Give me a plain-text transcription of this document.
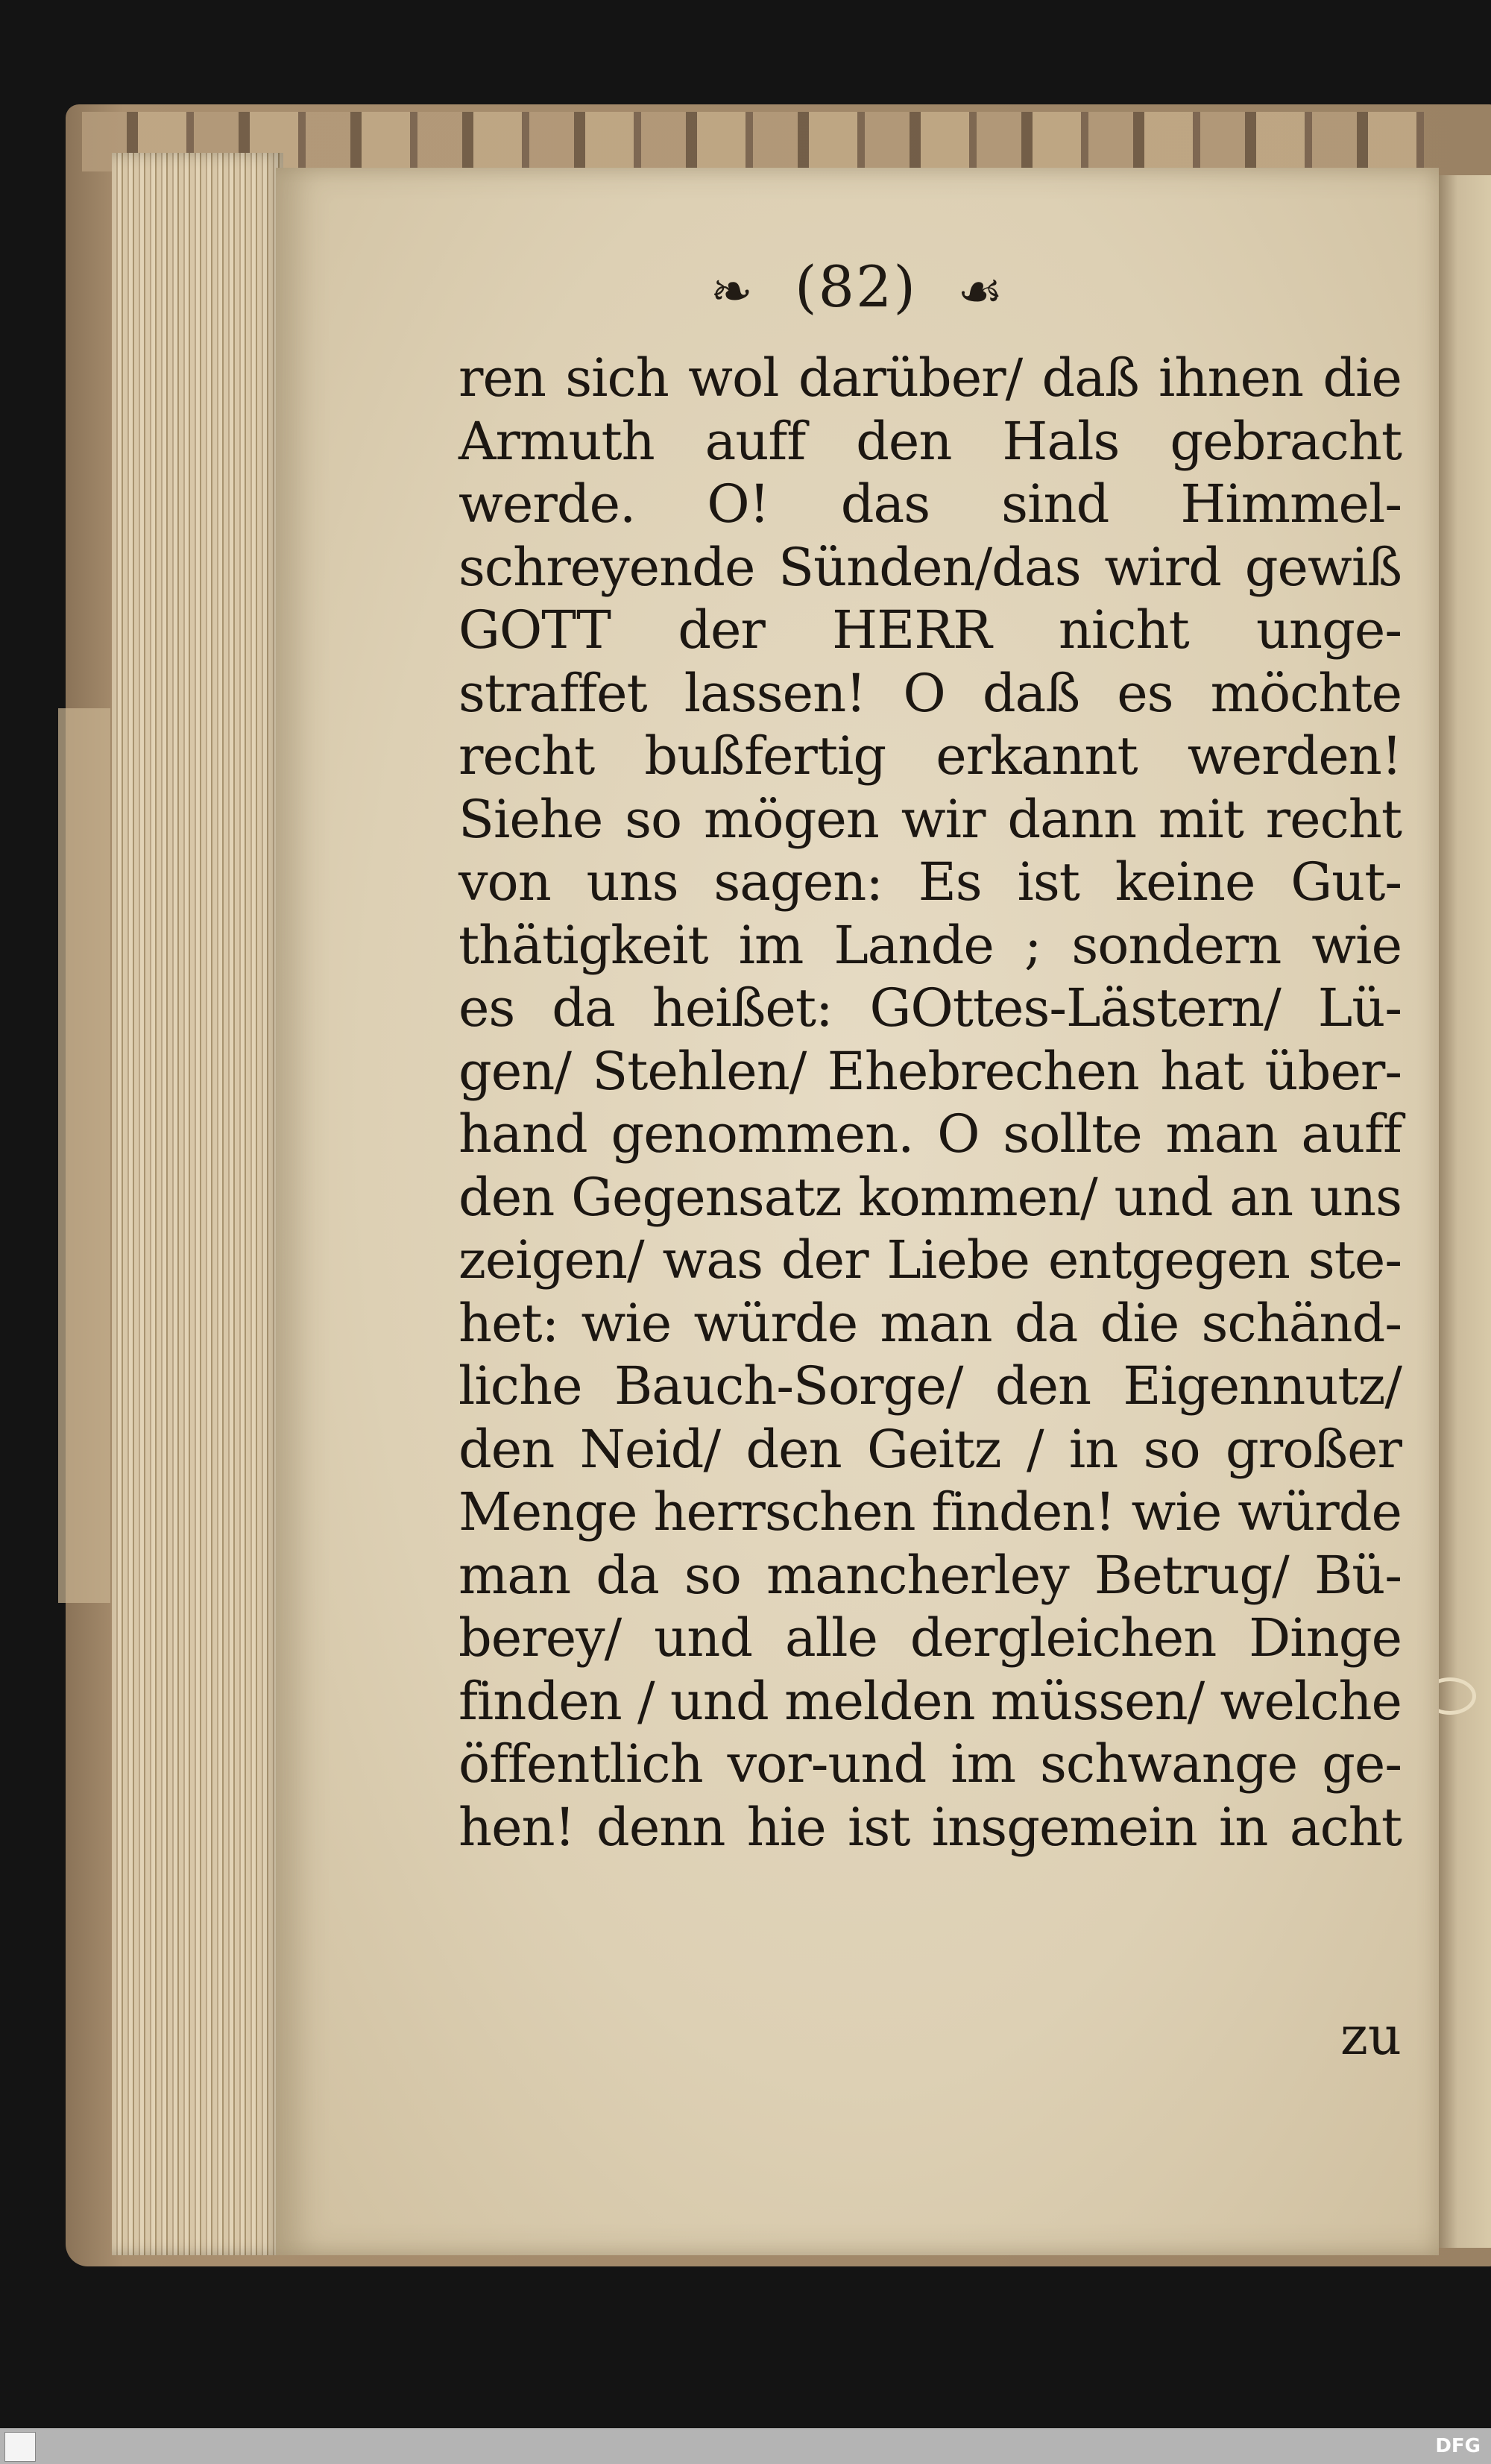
❧ (82) ☙
ren sich wol darüber/ daß ihnen die
Armuth auff den Hals gebracht
werde. O! das sind Himmel-
schreyende Sünden/das wird gewiß
GOTT der HERR nicht unge-
straffet lassen! O daß es möchte
recht bußfertig erkannt werden!
Siehe so mögen wir dann mit recht
von uns sagen: Es ist keine Gut-
thätigkeit im Lande ; sondern wie
es da heißet: GOttes-Lästern/ Lü-
gen/ Stehlen/ Ehebrechen hat über-
hand genommen. O sollte man auff
den Gegensatz kommen/ und an uns
zeigen/ was der Liebe entgegen ste-
het: wie würde man da die schänd-
liche Bauch-Sorge/ den Eigennutz/
den Neid/ den Geitz / in so großer
Menge herrschen finden! wie würde
man da so mancherley Betrug/ Bü-
berey/ und alle dergleichen Dinge
finden / und melden müssen/ welche
öffentlich vor-und im schwange ge-
hen! denn hie ist insgemein in acht
zu
DFG
